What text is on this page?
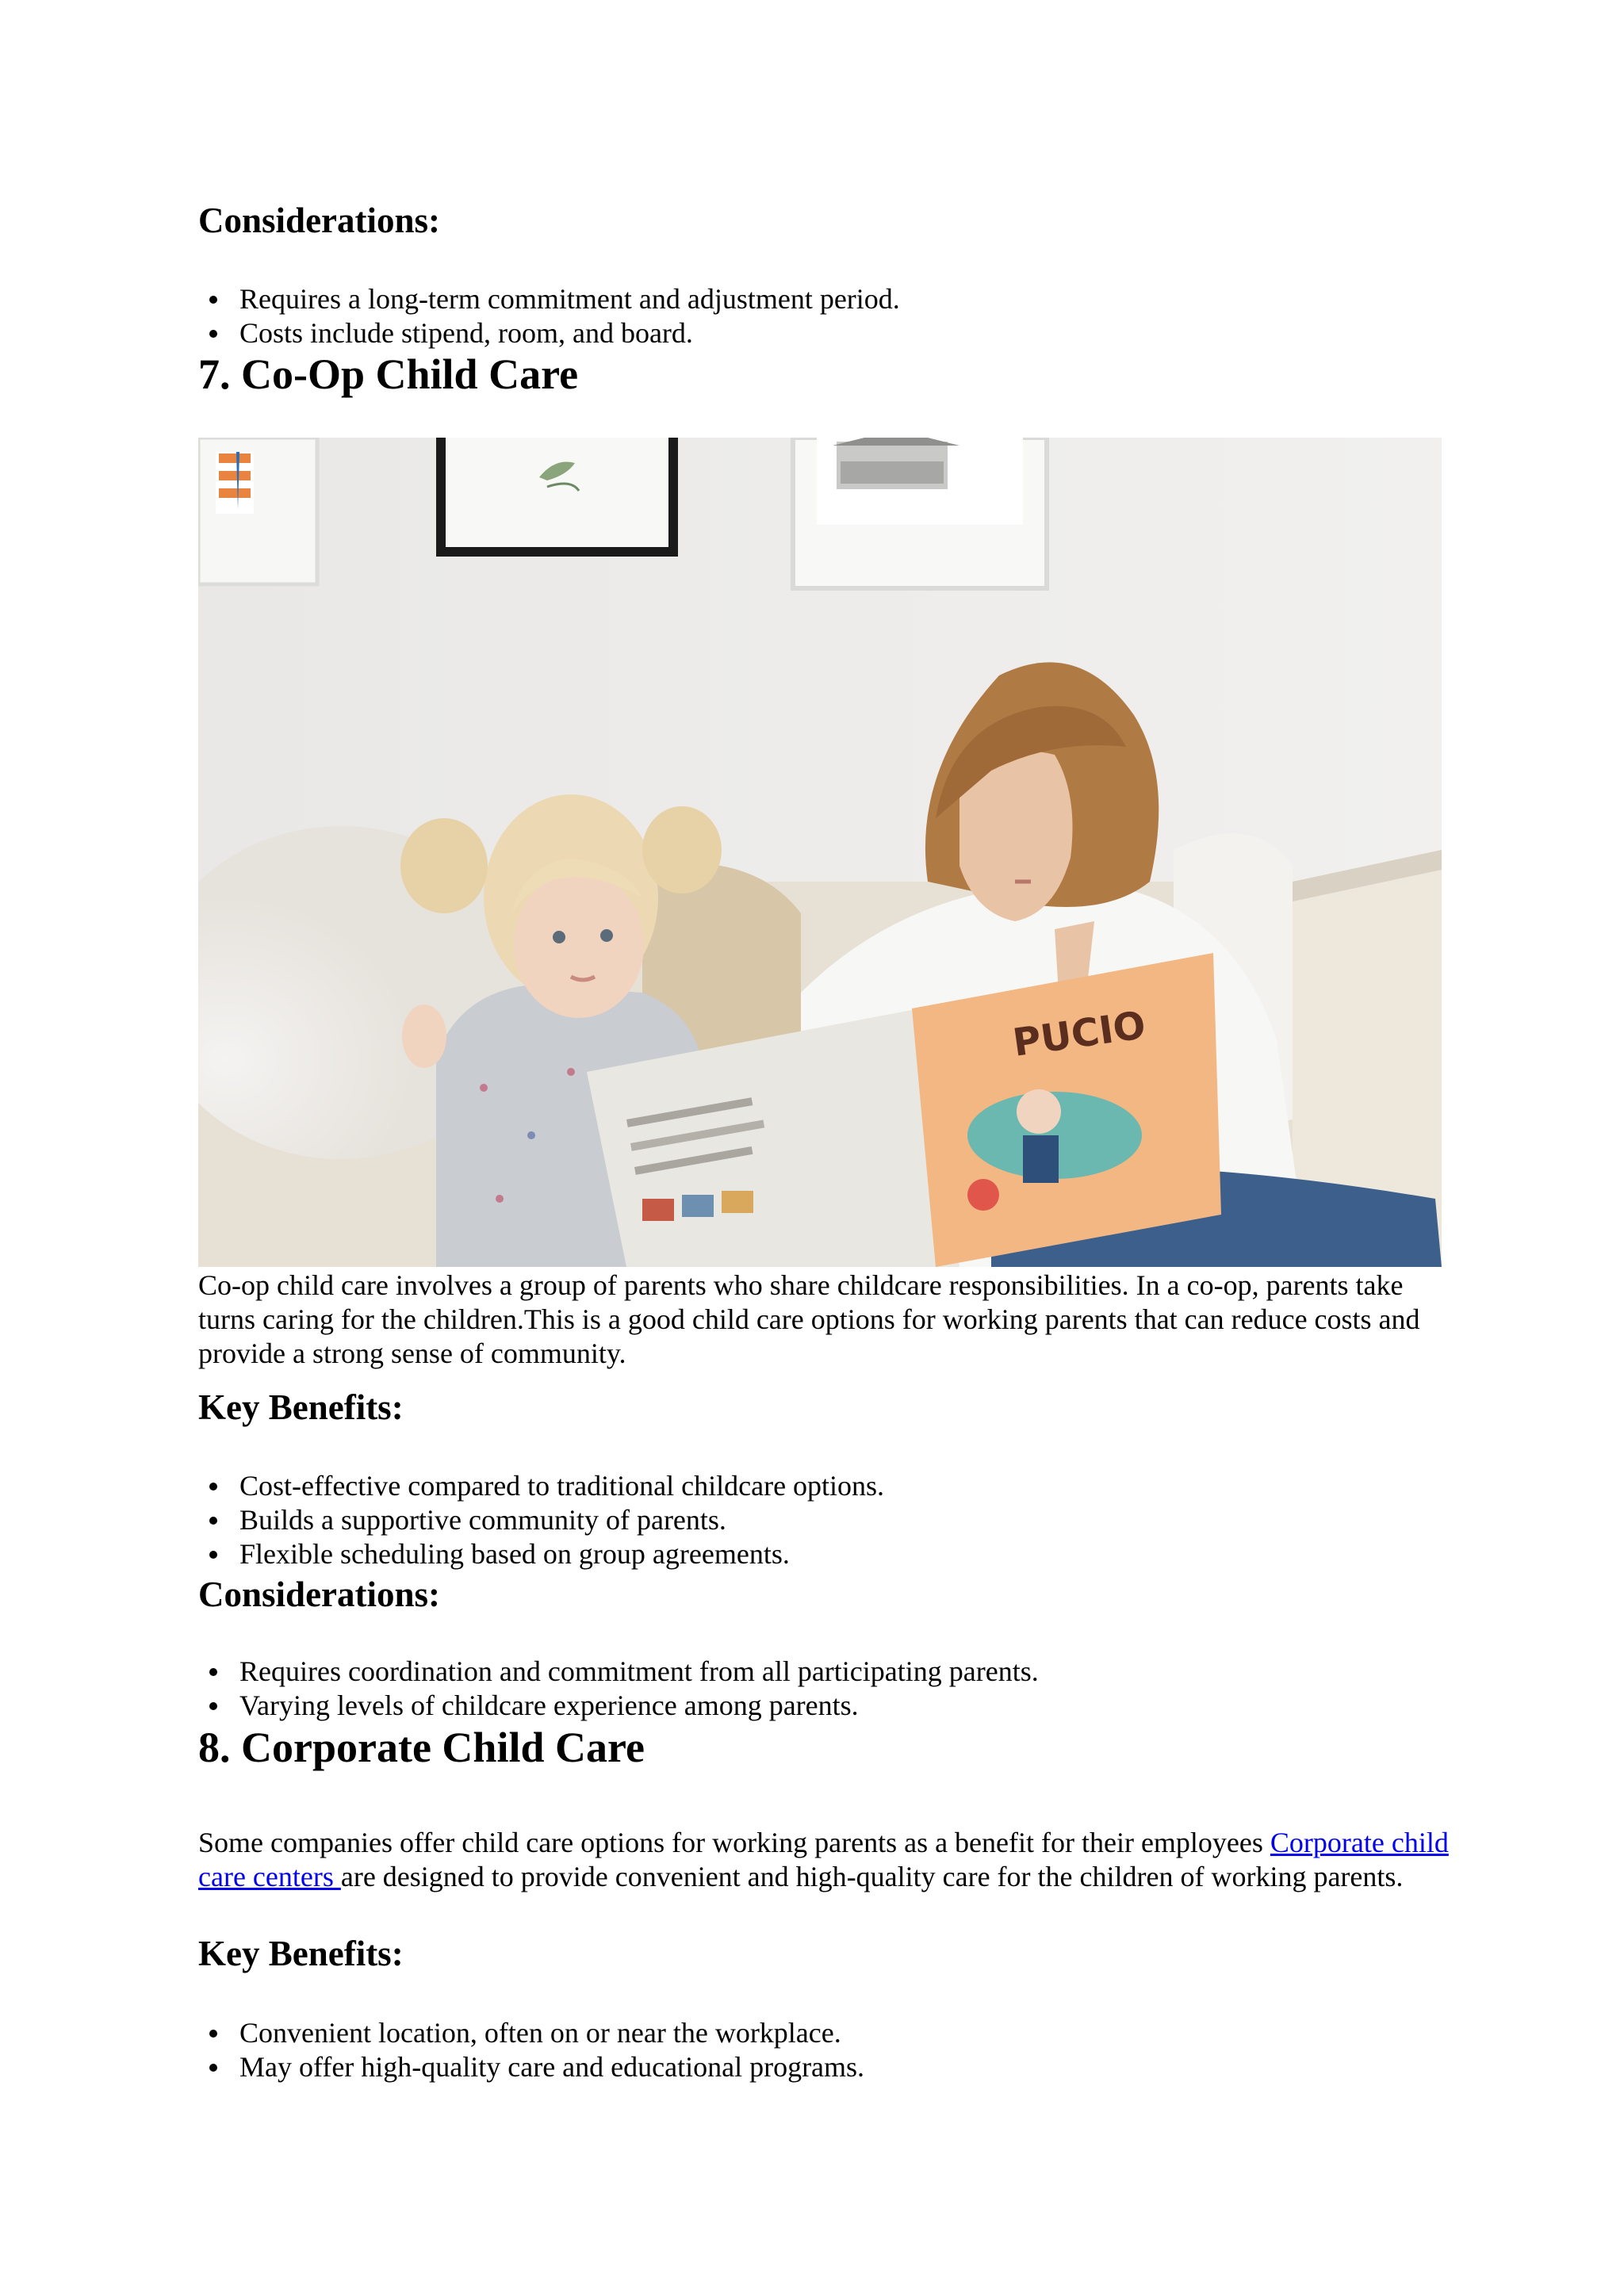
Considerations:
Requires a long-term commitment and adjustment period.
Costs include stipend, room, and board.
7. Co-Op Child Care
PUCIO

Co-op child care involves a group of parents who share childcare responsibilities. In a co-op, parents take turns caring for the children.This is a good child care options for working parents that can reduce costs and provide a strong sense of community.

Key Benefits:
Cost-effective compared to traditional childcare options.
Builds a supportive community of parents.
Flexible scheduling based on group agreements.
Considerations:
Requires coordination and commitment from all participating parents.
Varying levels of childcare experience among parents.
8. Corporate Child Care

Some companies offer child care options for working parents as a benefit for their employees Corporate child care centers are designed to provide convenient and high-quality care for the children of working parents.

Key Benefits:
Convenient location, often on or near the workplace.
May offer high-quality care and educational programs.
